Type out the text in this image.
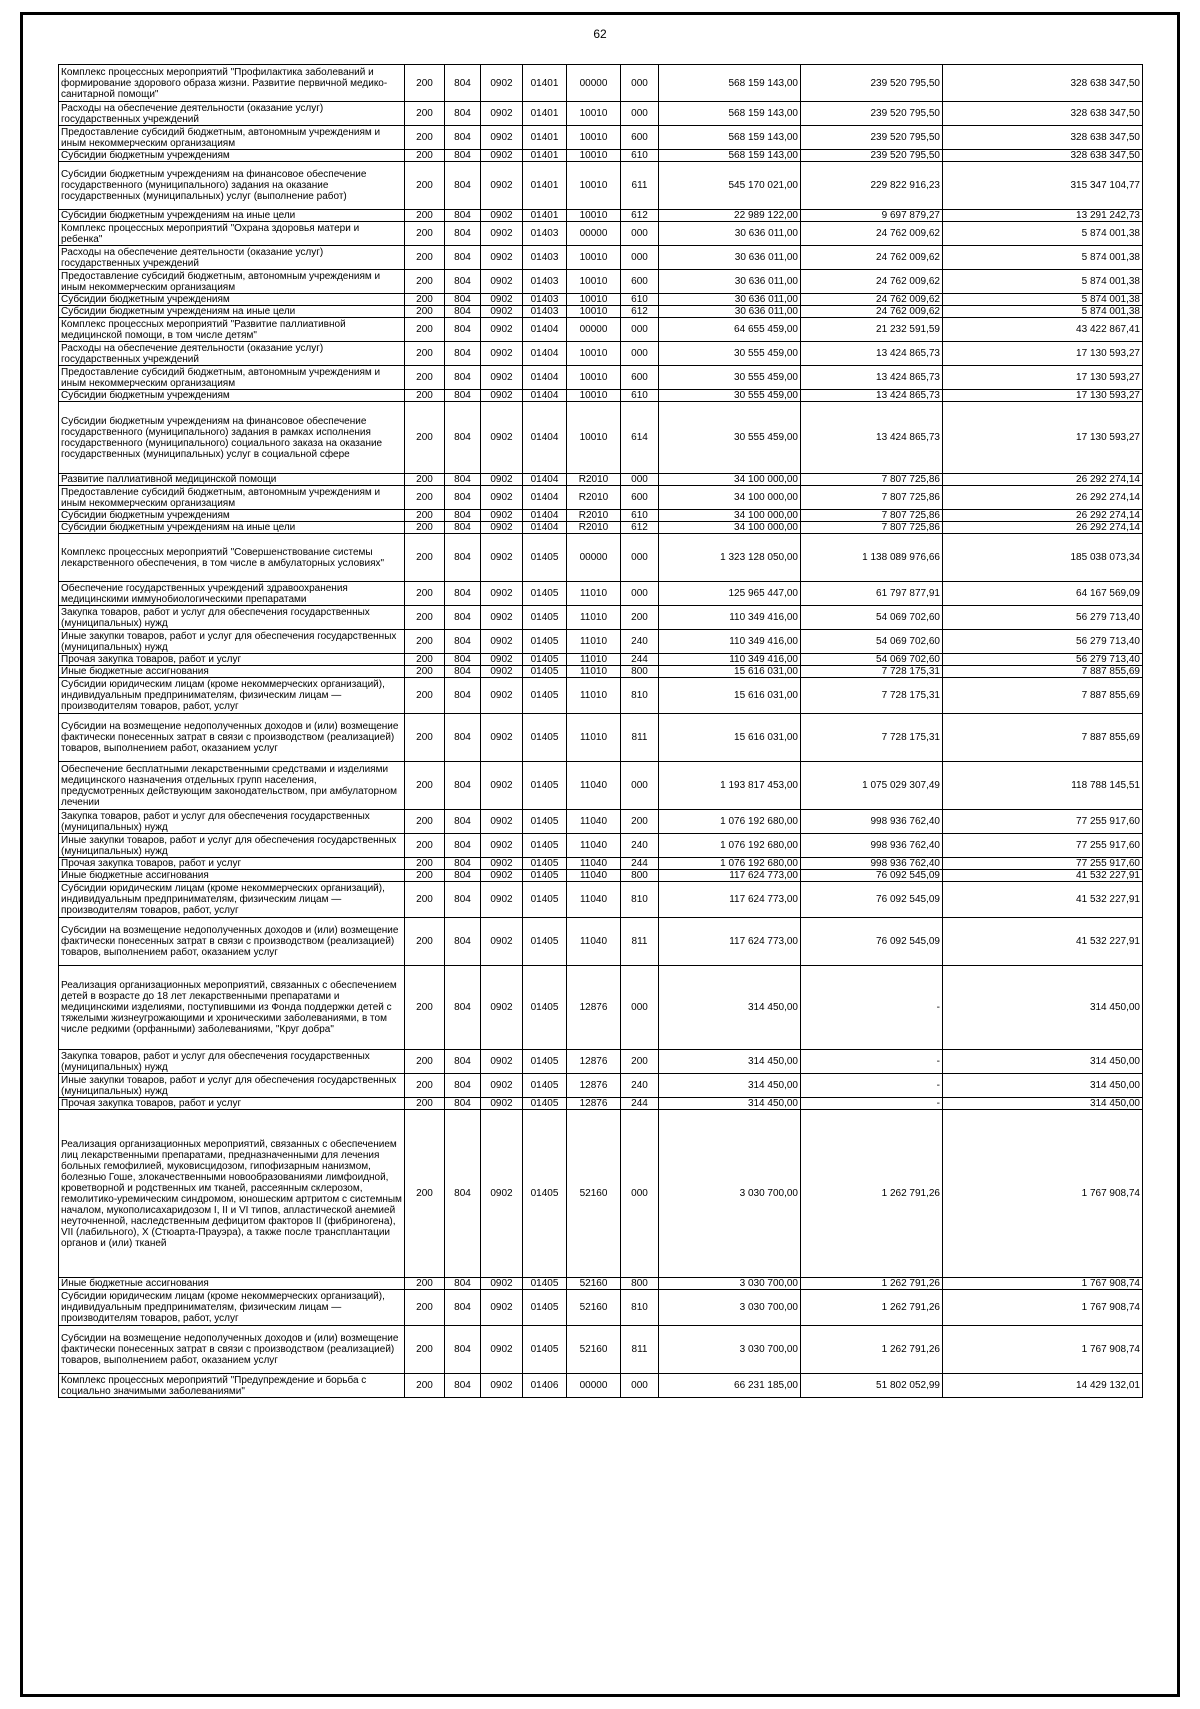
62
Комплекс процессных мероприятий "Профилактика заболеваний и формирование здорового образа жизни. Развитие первичной медико-санитарной помощи"	200	804	0902	01401	00000	000	568 159 143,00	239 520 795,50	328 638 347,50
Расходы на обеспечение деятельности (оказание услуг) государственных учреждений	200	804	0902	01401	10010	000	568 159 143,00	239 520 795,50	328 638 347,50
Предоставление субсидий бюджетным, автономным учреждениям и иным некоммерческим организациям	200	804	0902	01401	10010	600	568 159 143,00	239 520 795,50	328 638 347,50
Субсидии бюджетным учреждениям	200	804	0902	01401	10010	610	568 159 143,00	239 520 795,50	328 638 347,50
Субсидии бюджетным учреждениям на финансовое обеспечение государственного (муниципального) задания на оказание государственных (муниципальных) услуг (выполнение работ)	200	804	0902	01401	10010	611	545 170 021,00	229 822 916,23	315 347 104,77
Субсидии бюджетным учреждениям на иные цели	200	804	0902	01401	10010	612	22 989 122,00	9 697 879,27	13 291 242,73
Комплекс процессных мероприятий "Охрана здоровья матери и ребенка"	200	804	0902	01403	00000	000	30 636 011,00	24 762 009,62	5 874 001,38
Расходы на обеспечение деятельности (оказание услуг) государственных учреждений	200	804	0902	01403	10010	000	30 636 011,00	24 762 009,62	5 874 001,38
Предоставление субсидий бюджетным, автономным учреждениям и иным некоммерческим организациям	200	804	0902	01403	10010	600	30 636 011,00	24 762 009,62	5 874 001,38
Субсидии бюджетным учреждениям	200	804	0902	01403	10010	610	30 636 011,00	24 762 009,62	5 874 001,38
Субсидии бюджетным учреждениям на иные цели	200	804	0902	01403	10010	612	30 636 011,00	24 762 009,62	5 874 001,38
Комплекс процессных мероприятий "Развитие паллиативной медицинской помощи, в том числе детям"	200	804	0902	01404	00000	000	64 655 459,00	21 232 591,59	43 422 867,41
Расходы на обеспечение деятельности (оказание услуг) государственных учреждений	200	804	0902	01404	10010	000	30 555 459,00	13 424 865,73	17 130 593,27
Предоставление субсидий бюджетным, автономным учреждениям и иным некоммерческим организациям	200	804	0902	01404	10010	600	30 555 459,00	13 424 865,73	17 130 593,27
Субсидии бюджетным учреждениям	200	804	0902	01404	10010	610	30 555 459,00	13 424 865,73	17 130 593,27
Субсидии бюджетным учреждениям на финансовое обеспечение государственного (муниципального) задания в рамках исполнения государственного (муниципального) социального заказа на оказание государственных (муниципальных) услуг в социальной сфере	200	804	0902	01404	10010	614	30 555 459,00	13 424 865,73	17 130 593,27
Развитие паллиативной медицинской помощи	200	804	0902	01404	R2010	000	34 100 000,00	7 807 725,86	26 292 274,14
Предоставление субсидий бюджетным, автономным учреждениям и иным некоммерческим организациям	200	804	0902	01404	R2010	600	34 100 000,00	7 807 725,86	26 292 274,14
Субсидии бюджетным учреждениям	200	804	0902	01404	R2010	610	34 100 000,00	7 807 725,86	26 292 274,14
Субсидии бюджетным учреждениям на иные цели	200	804	0902	01404	R2010	612	34 100 000,00	7 807 725,86	26 292 274,14
Комплекс процессных мероприятий "Совершенствование системы лекарственного обеспечения, в том числе в амбулаторных условиях"	200	804	0902	01405	00000	000	1 323 128 050,00	1 138 089 976,66	185 038 073,34
Обеспечение государственных учреждений здравоохранения медицинскими иммунобиологическими препаратами	200	804	0902	01405	11010	000	125 965 447,00	61 797 877,91	64 167 569,09
Закупка товаров, работ и услуг для обеспечения государственных (муниципальных) нужд	200	804	0902	01405	11010	200	110 349 416,00	54 069 702,60	56 279 713,40
Иные закупки товаров, работ и услуг для обеспечения государственных (муниципальных) нужд	200	804	0902	01405	11010	240	110 349 416,00	54 069 702,60	56 279 713,40
Прочая закупка товаров, работ и услуг	200	804	0902	01405	11010	244	110 349 416,00	54 069 702,60	56 279 713,40
Иные бюджетные ассигнования	200	804	0902	01405	11010	800	15 616 031,00	7 728 175,31	7 887 855,69
Субсидии юридическим лицам (кроме некоммерческих организаций), индивидуальным предпринимателям, физическим лицам — производителям товаров, работ, услуг	200	804	0902	01405	11010	810	15 616 031,00	7 728 175,31	7 887 855,69
Субсидии на возмещение недополученных доходов и (или) возмещение фактически понесенных затрат в связи с производством (реализацией) товаров, выполнением работ, оказанием услуг	200	804	0902	01405	11010	811	15 616 031,00	7 728 175,31	7 887 855,69
Обеспечение бесплатными лекарственными средствами и изделиями медицинского назначения отдельных групп населения, предусмотренных действующим законодательством, при амбулаторном лечении	200	804	0902	01405	11040	000	1 193 817 453,00	1 075 029 307,49	118 788 145,51
Закупка товаров, работ и услуг для обеспечения государственных (муниципальных) нужд	200	804	0902	01405	11040	200	1 076 192 680,00	998 936 762,40	77 255 917,60
Иные закупки товаров, работ и услуг для обеспечения государственных (муниципальных) нужд	200	804	0902	01405	11040	240	1 076 192 680,00	998 936 762,40	77 255 917,60
Прочая закупка товаров, работ и услуг	200	804	0902	01405	11040	244	1 076 192 680,00	998 936 762,40	77 255 917,60
Иные бюджетные ассигнования	200	804	0902	01405	11040	800	117 624 773,00	76 092 545,09	41 532 227,91
Субсидии юридическим лицам (кроме некоммерческих организаций), индивидуальным предпринимателям, физическим лицам — производителям товаров, работ, услуг	200	804	0902	01405	11040	810	117 624 773,00	76 092 545,09	41 532 227,91
Субсидии на возмещение недополученных доходов и (или) возмещение фактически понесенных затрат в связи с производством (реализацией) товаров, выполнением работ, оказанием услуг	200	804	0902	01405	11040	811	117 624 773,00	76 092 545,09	41 532 227,91
Реализация организационных мероприятий, связанных с обеспечением детей в возрасте до 18 лет лекарственными препаратами и медицинскими изделиями, поступившими из Фонда поддержки детей с тяжелыми жизнеугрожающими и хроническими заболеваниями, в том числе редкими (орфанными) заболеваниями, "Круг добра"	200	804	0902	01405	12876	000	314 450,00	-	314 450,00
Закупка товаров, работ и услуг для обеспечения государственных (муниципальных) нужд	200	804	0902	01405	12876	200	314 450,00	-	314 450,00
Иные закупки товаров, работ и услуг для обеспечения государственных (муниципальных) нужд	200	804	0902	01405	12876	240	314 450,00	-	314 450,00
Прочая закупка товаров, работ и услуг	200	804	0902	01405	12876	244	314 450,00	-	314 450,00
Реализация организационных мероприятий, связанных с обеспечением лиц лекарственными препаратами, предназначенными для лечения больных гемофилией, муковисцидозом, гипофизарным нанизмом, болезнью Гоше, злокачественными новообразованиями лимфоидной, кроветворной и родственных им тканей, рассеянным склерозом, гемолитико-уремическим синдромом, юношеским артритом с системным началом, мукополисахаридозом I, II и VI типов, апластической анемией неуточненной, наследственным дефицитом факторов II (фибриногена), VII (лабильного), X (Стюарта-Прауэра), а также после трансплантации органов и (или) тканей	200	804	0902	01405	52160	000	3 030 700,00	1 262 791,26	1 767 908,74
Иные бюджетные ассигнования	200	804	0902	01405	52160	800	3 030 700,00	1 262 791,26	1 767 908,74
Субсидии юридическим лицам (кроме некоммерческих организаций), индивидуальным предпринимателям, физическим лицам — производителям товаров, работ, услуг	200	804	0902	01405	52160	810	3 030 700,00	1 262 791,26	1 767 908,74
Субсидии на возмещение недополученных доходов и (или) возмещение фактически понесенных затрат в связи с производством (реализацией) товаров, выполнением работ, оказанием услуг	200	804	0902	01405	52160	811	3 030 700,00	1 262 791,26	1 767 908,74
Комплекс процессных мероприятий "Предупреждение и борьба с социально значимыми заболеваниями"	200	804	0902	01406	00000	000	66 231 185,00	51 802 052,99	14 429 132,01
